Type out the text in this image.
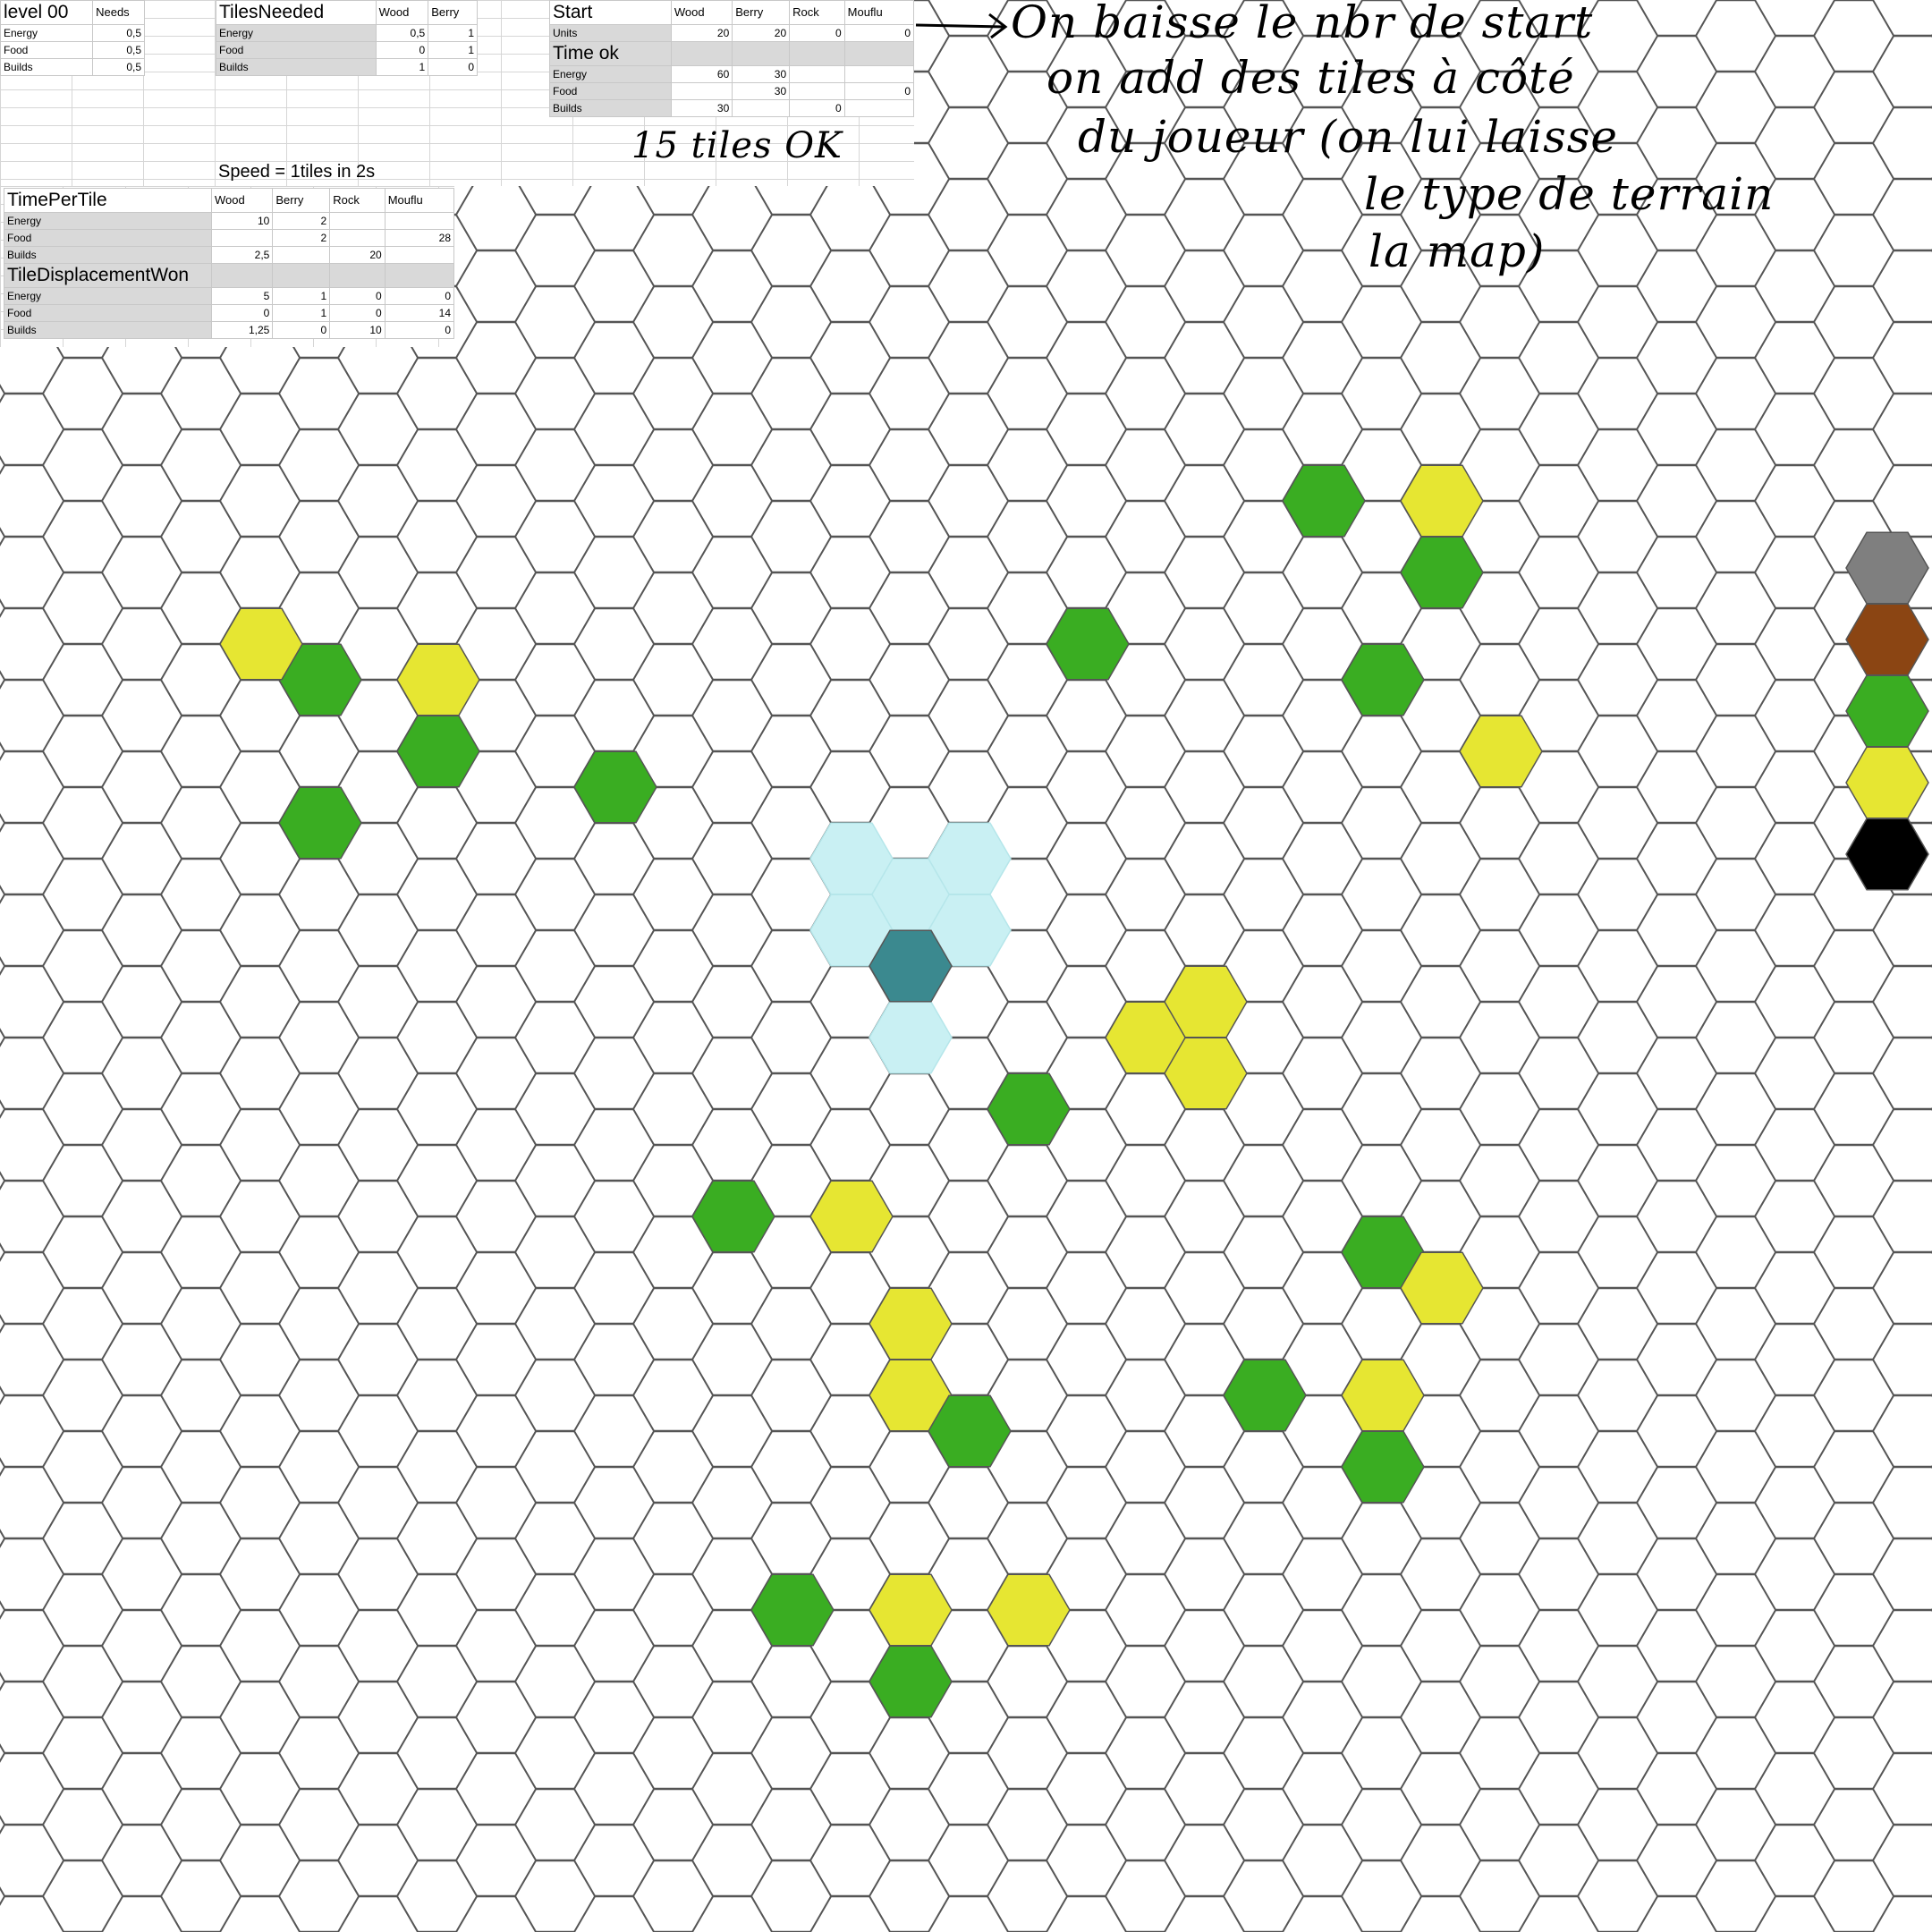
level 00	Needs
Energy	0,5
Food	0,5
Builds	0,5
TilesNeeded	Wood	Berry
Energy	0,5	1
Food	0	1
Builds	1	0
Start	Wood	Berry	Rock	Mouflu
Units	20	20	0	0
Time ok				
Energy	60	30		
Food		30		0
Builds	30		0	
Speed = 1tiles in 2s
TimePerTile	Wood	Berry	Rock	Mouflu
Energy	10	2		
Food		2		28
Builds	2,5		20	
TileDisplacementWon				
Energy	5	1	0	0
Food	0	1	0	14
Builds	1,25	0	10	0
On baisse le nbr de start
on add des tiles à côté
du joueur (on lui laisse
le type de terrain
la map)
15 tiles OK
